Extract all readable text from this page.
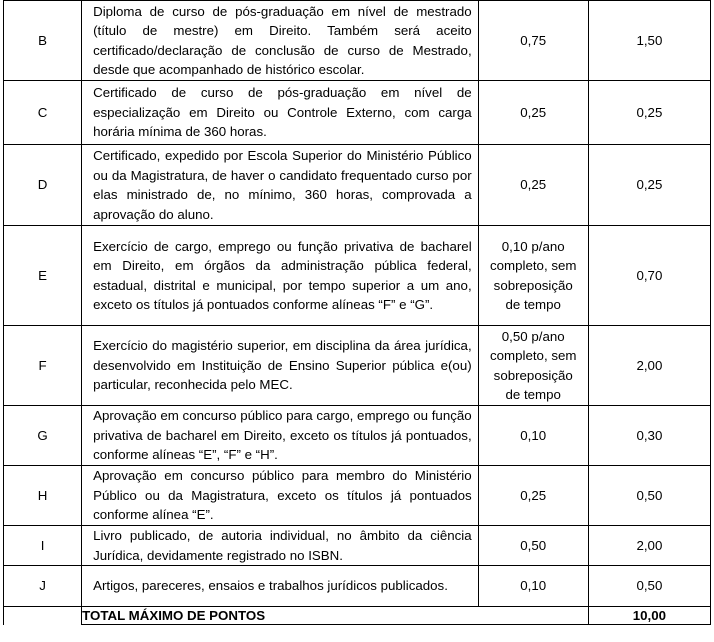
B	Diploma de curso de pós-graduação em nível de mestrado (título de mestre) em Direito. Também será aceito certificado/declaração de conclusão de curso de Mestrado, desde que acompanhado de histórico escolar.	0,75	1,50
C	Certificado de curso de pós-graduação em nível de especialização em Direito ou Controle Externo, com carga horária mínima de 360 horas.	0,25	0,25
D	Certificado, expedido por Escola Superior do Ministério Público ou da Magistratura, de haver o candidato frequentado curso por elas ministrado de, no mínimo, 360 horas, comprovada a aprovação do aluno.	0,25	0,25
E	Exercício de cargo, emprego ou função privativa de bacharel em Direito, em órgãos da administração pública federal, estadual, distrital e municipal, por tempo superior a um ano, exceto os títulos já pontuados conforme alíneas “F” e “G”.	0,10 p/ano completo, sem sobreposição de tempo	0,70
F	Exercício do magistério superior, em disciplina da área jurídica, desenvolvido em Instituição de Ensino Superior pública e(ou) particular, reconhecida pelo MEC.	0,50 p/ano completo, sem sobreposição de tempo	2,00
G	Aprovação em concurso público para cargo, emprego ou função privativa de bacharel em Direito, exceto os títulos já pontuados, conforme alíneas “E”, “F” e “H”.	0,10	0,30
H	Aprovação em concurso público para membro do Ministério Público ou da Magistratura, exceto os títulos já pontuados conforme alínea “E”.	0,25	0,50
I	Livro publicado, de autoria individual, no âmbito da ciência Jurídica, devidamente registrado no ISBN.	0,50	2,00
J	Artigos, pareceres, ensaios e trabalhos jurídicos publicados.	0,10	0,50
	TOTAL MÁXIMO DE PONTOS		10,00
